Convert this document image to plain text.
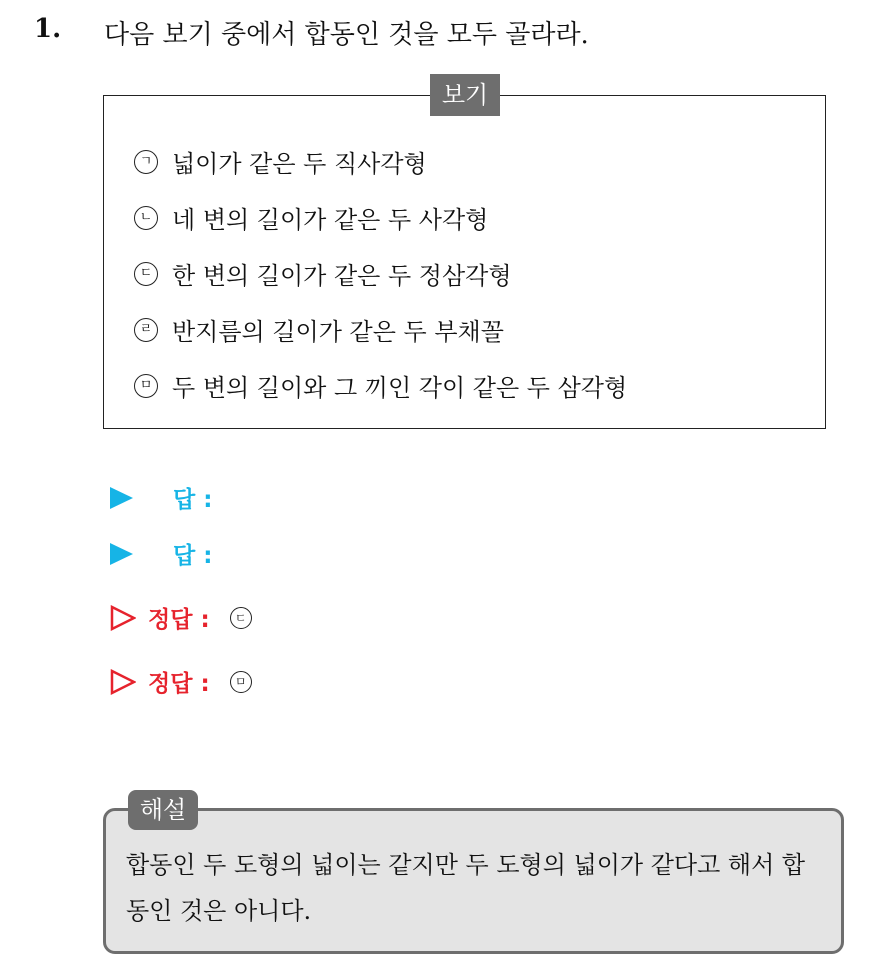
1. 다음 보기 중에서 합동인 것을 모두 골라라.
보기
ㄱ 넓이가 같은 두 직사각형
ㄴ 네 변의 길이가 같은 두 사각형
ㄷ 한 변의 길이가 같은 두 정삼각형
ㄹ 반지름의 길이가 같은 두 부채꼴
ㅁ 두 변의 길이와 그 끼인 각이 같은 두 삼각형
답 :
답 :
정답 :	ㄷ
정답 :	ㅁ
해설
합동인 두 도형의 넓이는 같지만 두 도형의 넓이가 같다고 해서 합동인 것은 아니다.
